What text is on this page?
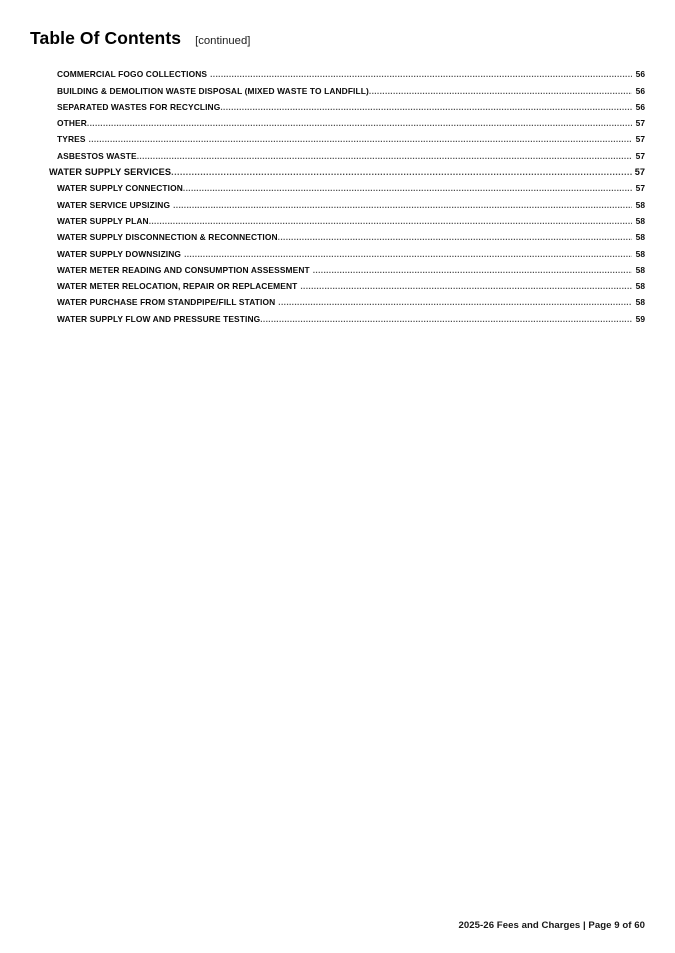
Table Of Contents [continued]
COMMERCIAL FOGO COLLECTIONS .....	56
BUILDING & DEMOLITION WASTE DISPOSAL (MIXED WASTE TO LANDFILL) .....	56
SEPARATED WASTES FOR RECYCLING .....	56
OTHER .....	57
TYRES .....	57
ASBESTOS WASTE .....	57
WATER SUPPLY SERVICES .....	57
WATER SUPPLY CONNECTION .....	57
WATER SERVICE UPSIZING .....	58
WATER SUPPLY PLAN .....	58
WATER SUPPLY DISCONNECTION & RECONNECTION .....	58
WATER SUPPLY DOWNSIZING .....	58
WATER METER READING AND CONSUMPTION ASSESSMENT .....	58
WATER METER RELOCATION, REPAIR OR REPLACEMENT .....	58
WATER PURCHASE FROM STANDPIPE/FILL STATION .....	58
WATER SUPPLY FLOW AND PRESSURE TESTING .....	59
2025-26 Fees and Charges | Page 9 of 60
